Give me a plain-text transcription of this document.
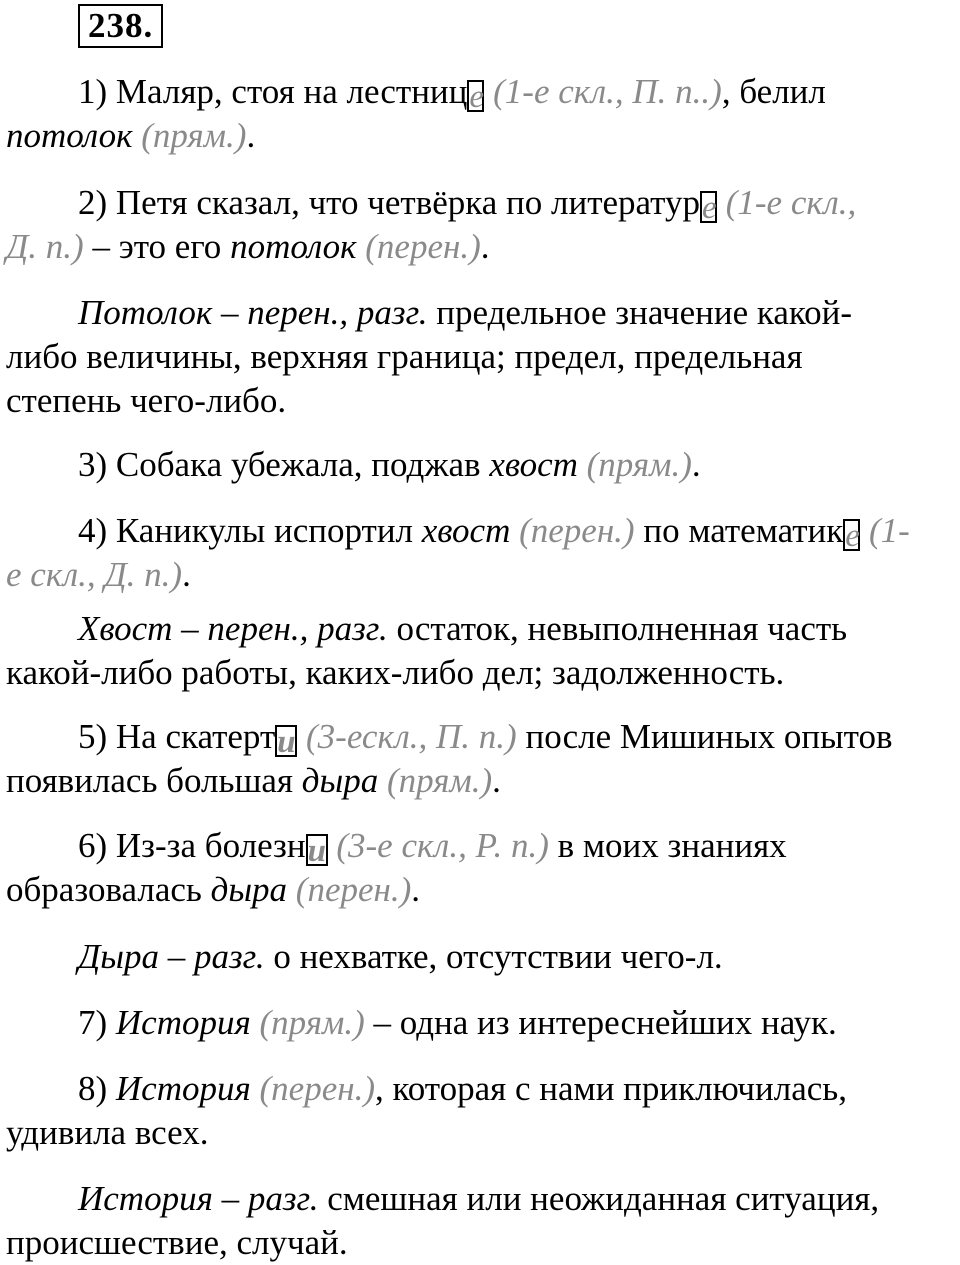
238.
1) Маляр, стоя на лестнице (1-е скл., П. п..), белил
потолок (прям.).
2) Петя сказал, что четвёрка по литературе (1-е скл.,
Д. п.) – это его потолок (перен.).
Потолок – перен., разг. предельное значение какой-
либо величины, верхняя граница; предел, предельная
степень чего-либо.
3) Собака убежала, поджав хвост (прям.).
4) Каникулы испортил хвост (перен.) по математике (1-
е скл., Д. п.).
Хвост – перен., разг. остаток, невыполненная часть
какой-либо работы, каких-либо дел; задолженность.
5) На скатерти (3-ескл., П. п.) после Мишиных опытов
появилась большая дыра (прям.).
6) Из-за болезни (3-е скл., Р. п.) в моих знаниях
образовалась дыра (перен.).
Дыра – разг. о нехватке, отсутствии чего-л.
7) История (прям.) – одна из интереснейших наук.
8) История (перен.), которая с нами приключилась,
удивила всех.
История – разг. смешная или неожиданная ситуация,
происшествие, случай.
